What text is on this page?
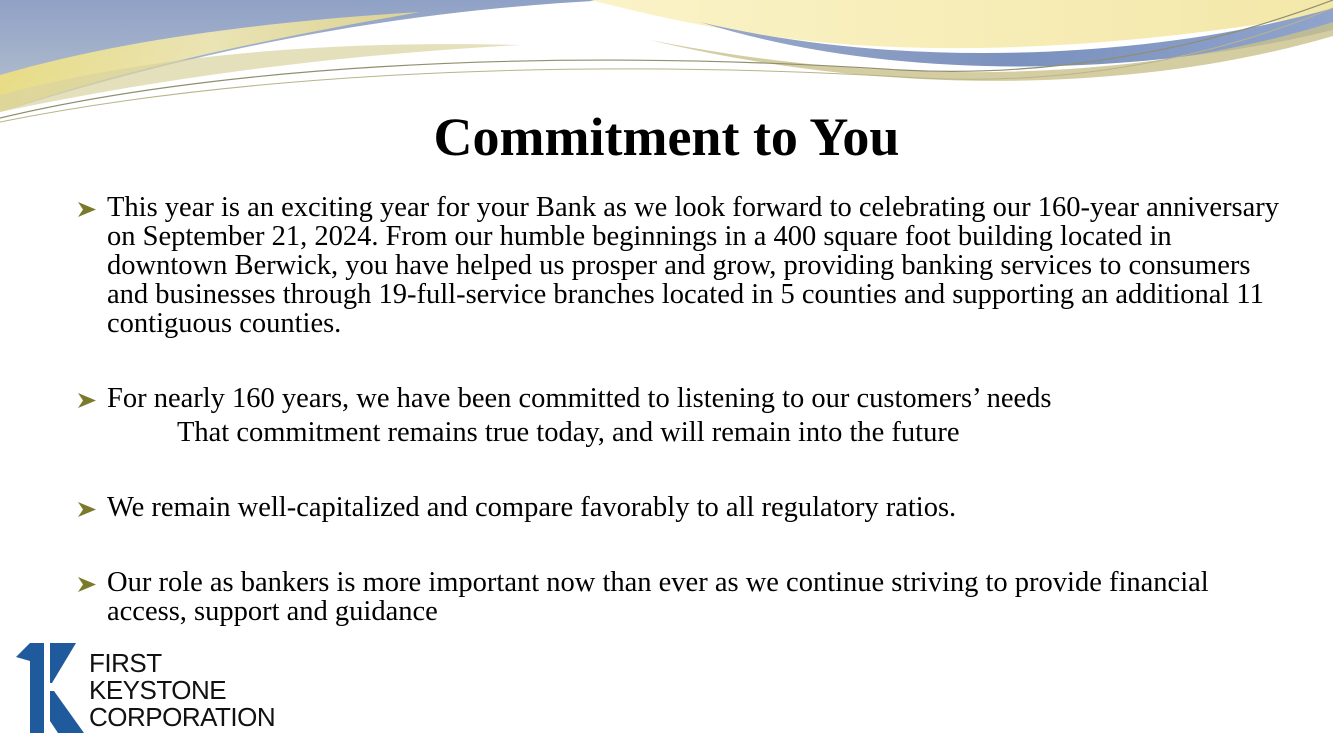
Commitment to You
This year is an exciting year for your Bank as we look forward to celebrating our 160-year anniversary on September 21, 2024. From our humble beginnings in a 400 square foot building located in downtown Berwick, you have helped us prosper and grow, providing banking services to consumers and businesses through 19-full-service branches located in 5 counties and supporting an additional 11 contiguous counties.
For nearly 160 years, we have been committed to listening to our customers’ needs
That commitment remains true today, and will remain into the future
We remain well-capitalized and compare favorably to all regulatory ratios.
Our role as bankers is more important now than ever as we continue striving to provide financial access, support and guidance
FIRST
KEYSTONE
CORPORATION
